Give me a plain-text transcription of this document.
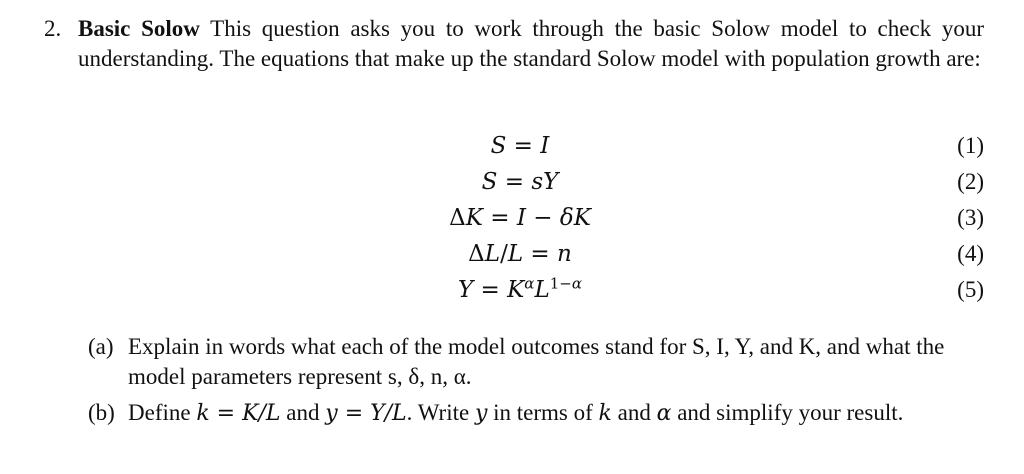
2. Basic Solow This question asks you to work through the basic Solow model to check your understanding. The equations that make up the standard Solow model with population growth are:
S = I	(1)
S = sY	(2)
ΔK = I − δK	(3)
ΔL/L = n	(4)
$Y = K^\alpha L^{1-\alpha}$	(5)
(a) Explain in words what each of the model outcomes stand for S, I, Y, and K, and what the model parameters represent s, δ, n, α.
(b) Define k = K/L and y = Y/L. Write y in terms of k and α and simplify your result.
